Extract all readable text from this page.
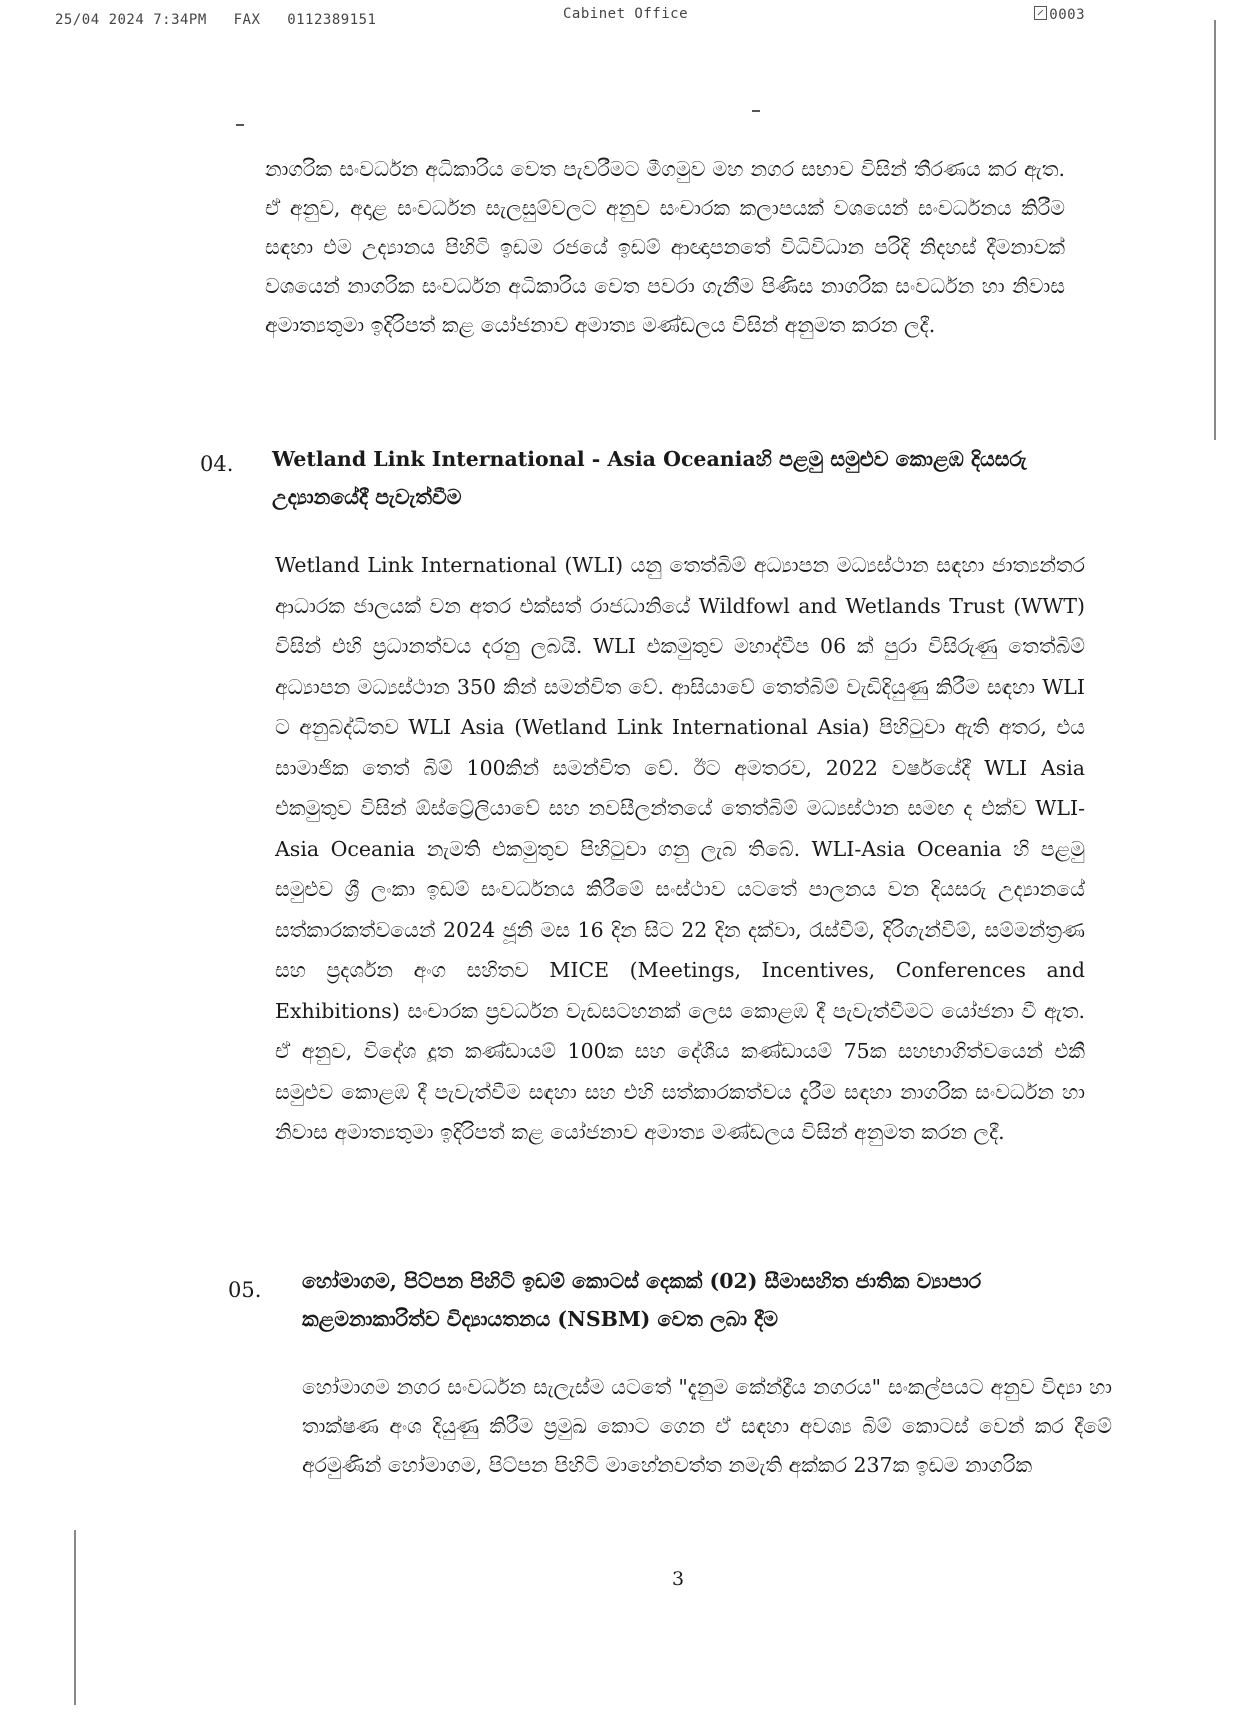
25/04 2024 7:34PM FAX 0112389151	Cabinet Office	0003
නාගරික සංවර්ධන අධිකාරිය වෙත පැවරීමට මීගමුව මහ නගර සභාව විසින් තීරණය කර ඇත. ඒ අනුව, අදාළ සංවර්ධන සැලසුම්වලට අනුව සංචාරක කලාපයක් වශයෙන් සංවර්ධනය කිරීම සඳහා එම උද්‍යානය පිහිටි ඉඩම රජයේ ඉඩම් ආඥාපනතේ විධිවිධාන පරිදි නිදහස් දීමනාවක් වශයෙන් නාගරික සංවර්ධන අධිකාරිය වෙත පවරා ගැනීම පිණිස නාගරික සංවර්ධන හා නිවාස අමාත්‍යතුමා ඉදිරිපත් කළ යෝජනාව අමාත්‍ය මණ්ඩලය විසින් අනුමත කරන ලදී.
04. Wetland Link International - Asia Oceaniaහි පළමු සමුළුව කොළඹ දියසරු උද්‍යානයේදී පැවැත්වීම
Wetland Link International (WLI) යනු තෙත්බිම් අධ්‍යාපන මධ්‍යස්ථාන සඳහා ජාත්‍යන්තර ආධාරක ජාලයක් වන අතර එක්සත් රාජධානියේ Wildfowl and Wetlands Trust (WWT) විසින් එහි ප්‍රධානත්වය දරනු ලබයි. WLI එකමුතුව මහාද්වීප 06 ක් පුරා විසිරුණු තෙත්බිම් අධ්‍යාපන මධ්‍යස්ථාන 350 කින් සමන්විත වේ. ආසියාවේ තෙත්බිම් වැඩිදියුණු කිරීම සඳහා WLI ට අනුබද්ධිතව WLI Asia (Wetland Link International Asia) පිහිටුවා ඇති අතර, එය සාමාජික තෙත් බිම් 100කින් සමන්විත වේ. ඊට අමතරව, 2022 වර්ෂයේදී WLI Asia එකමුතුව විසින් ඕස්ට්‍රේලියාවේ සහ නවසීලන්තයේ තෙත්බිම් මධ්‍යස්ථාන සමඟ ද එක්ව WLI- Asia Oceania නැමති එකමුතුව පිහිටුවා ගනු ලැබ තිබේ. WLI-Asia Oceania හි පළමු සමුළුව ශ්‍රී ලංකා ඉඩම් සංවර්ධනය කිරීමේ සංස්ථාව යටතේ පාලනය වන දියසරු උද්‍යානයේ සත්කාරකත්වයෙන් 2024 ජූනි මස 16 දින සිට 22 දින දක්වා, රැස්වීම්, දිරිගැන්වීම්, සම්මන්ත්‍රණ සහ ප්‍රදර්ශන අංග සහිතව MICE (Meetings, Incentives, Conferences and Exhibitions) සංචාරක ප්‍රවර්ධන වැඩසටහනක් ලෙස කොළඹ දී පැවැත්වීමට යෝජනා වී ඇත. ඒ අනුව, විදේශ දූත කණ්ඩායම් 100ක සහ දේශීය කණ්ඩායම් 75ක සහභාගිත්වයෙන් එකී සමුළුව කොළඹ දී පැවැත්වීම සඳහා සහ එහි සත්කාරකත්වය දැරීම සඳහා නාගරික සංවර්ධන හා නිවාස අමාත්‍යතුමා ඉදිරිපත් කළ යෝජනාව අමාත්‍ය මණ්ඩලය විසින් අනුමත කරන ලදී.
05. හෝමාගම, පිට්පන පිහිටි ඉඩම් කොටස් දෙකක් (02) සීමාසහිත ජාතික ව්‍යාපාර කළමනාකාරිත්ව විද්‍යායතනය (NSBM) වෙත ලබා දීම
හෝමාගම නගර සංවර්ධන සැලැස්ම යටතේ "දැනුම කේන්ද්‍රීය නගරය" සංකල්පයට අනුව විද්‍යා හා තාක්ෂණ අංශ දියුණු කිරීම ප්‍රමුඛ කොට ගෙන ඒ සඳහා අවශ්‍ය බිම් කොටස් වෙන් කර දීමේ අරමුණින් හෝමාගම, පිට්පන පිහිටි මාහේනවත්ත නමැති අක්කර 237ක ඉඩම නාගරික
3
